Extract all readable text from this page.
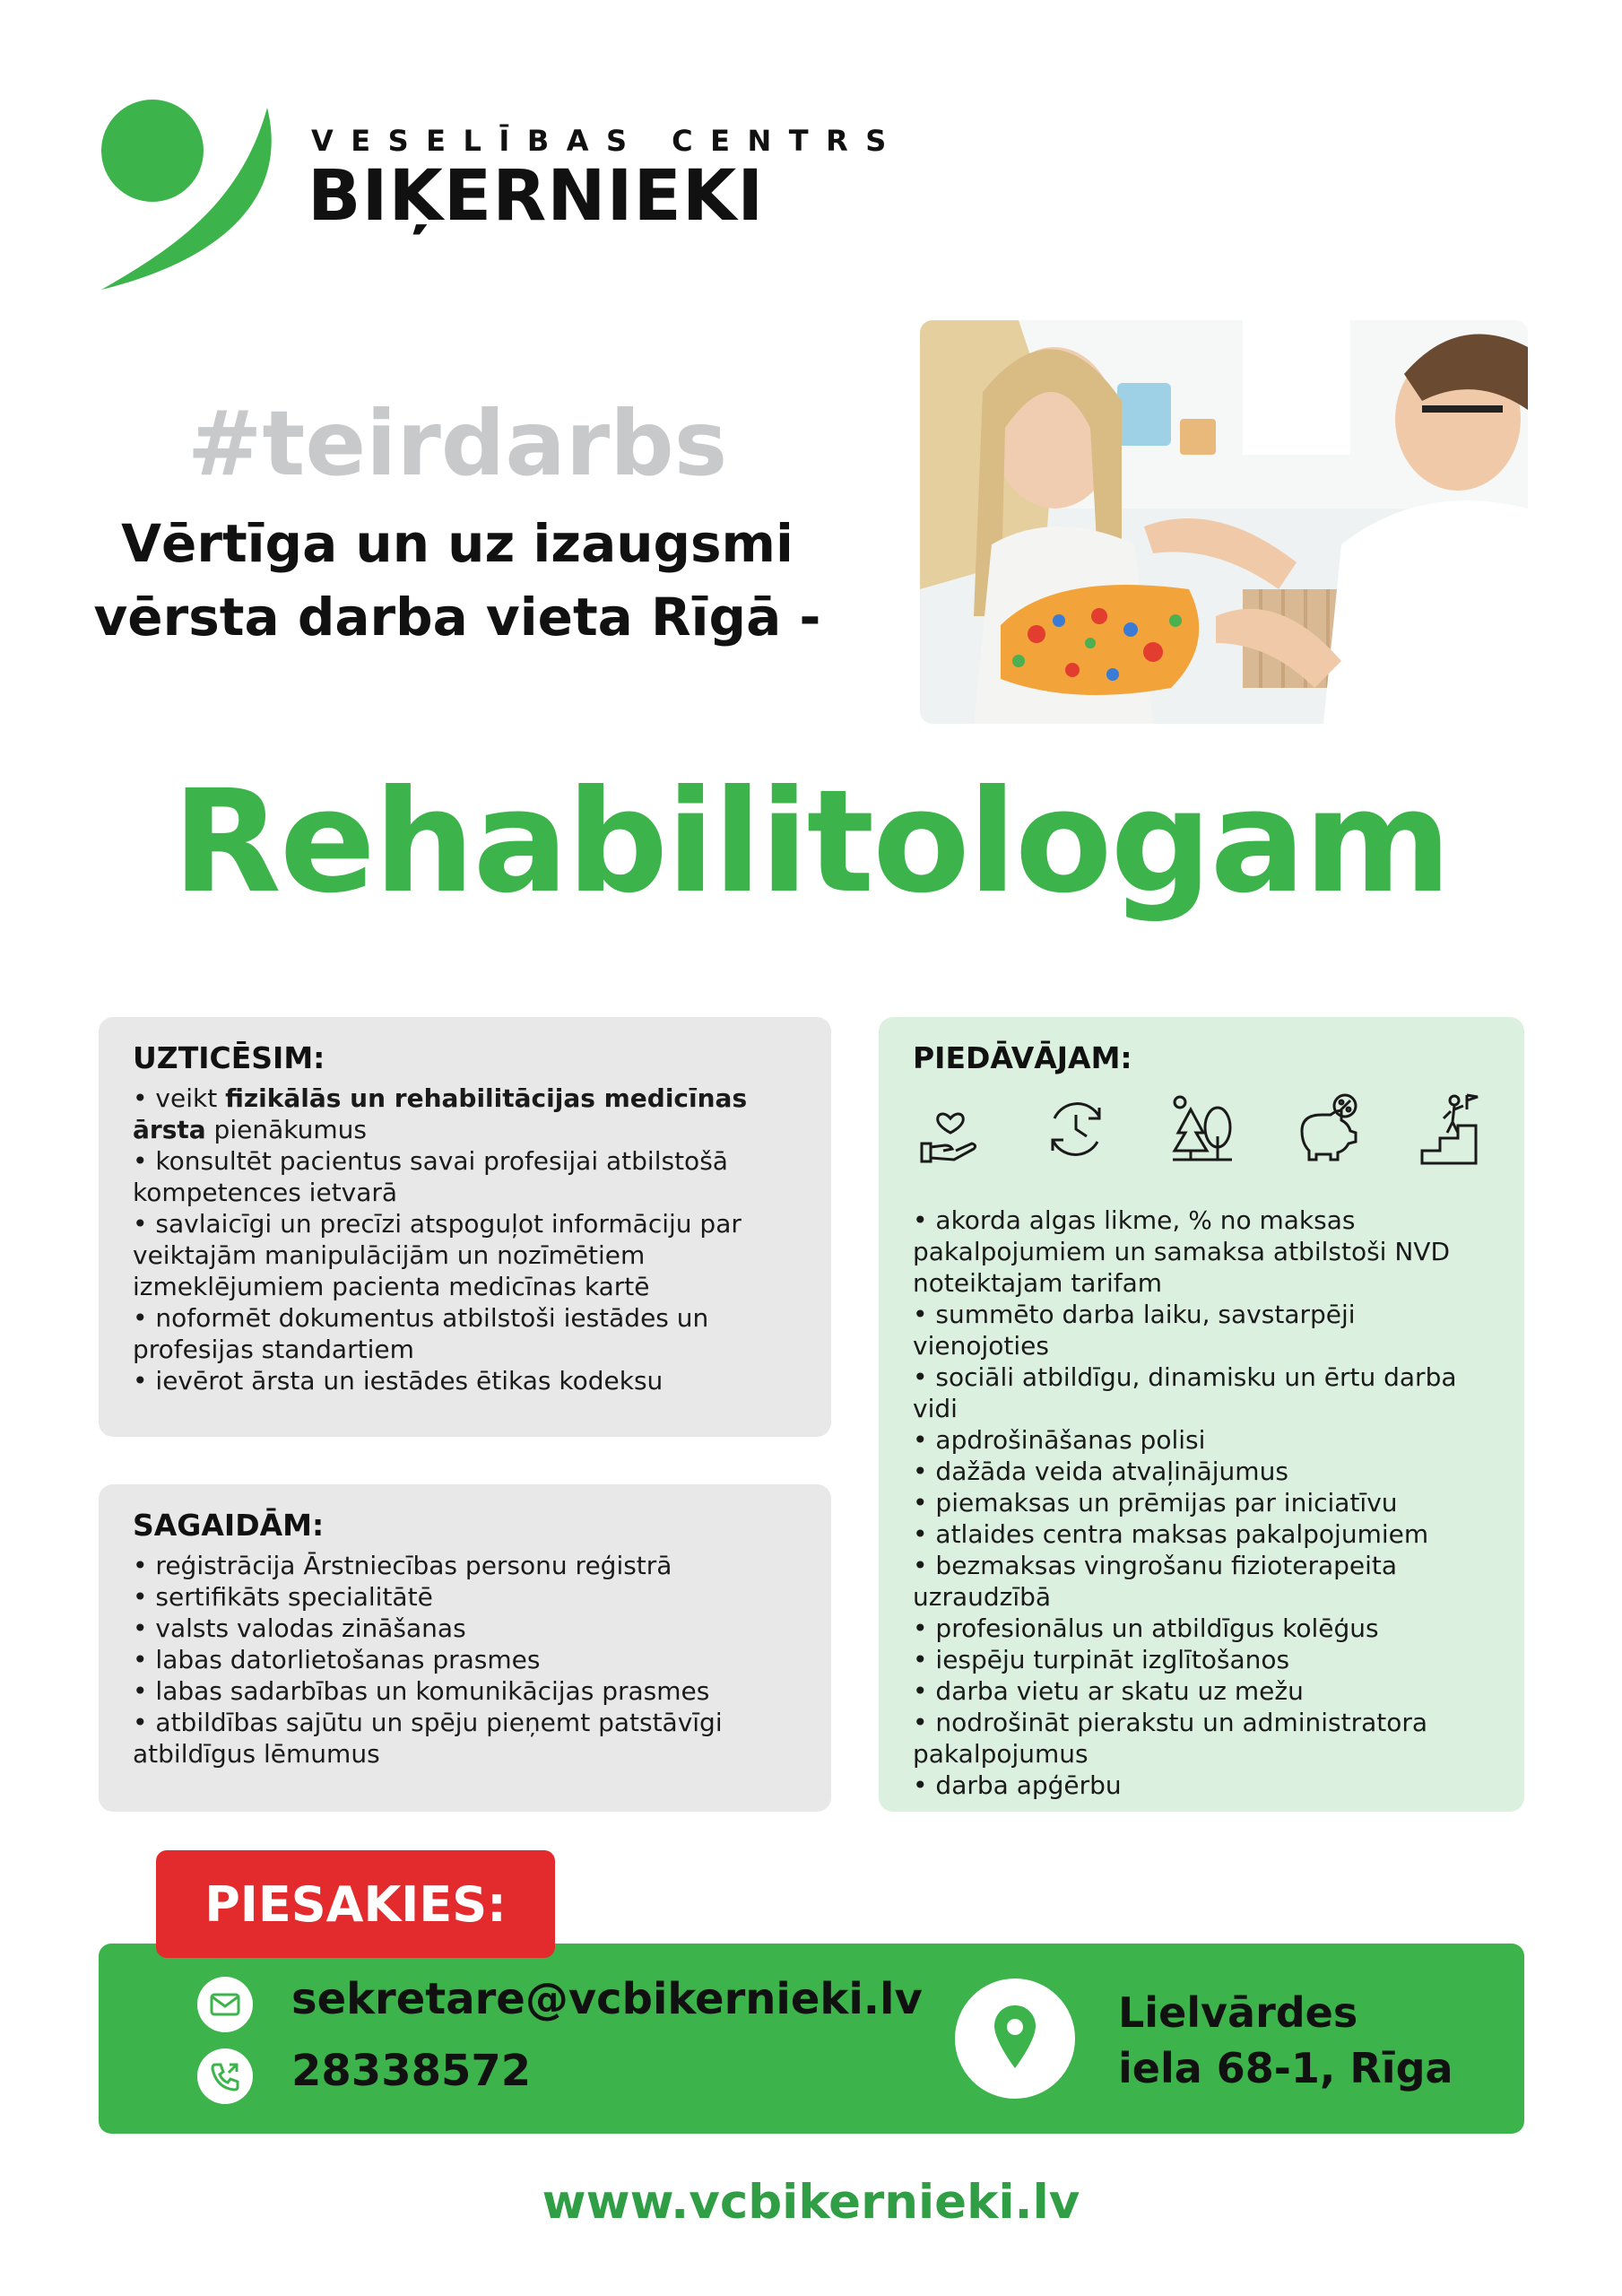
VESELĪBAS CENTRS
BIĶERNIEKI
#teirdarbs
Vērtīga un uz izaugsmi
vērsta darba vieta Rīgā -
Rehabilitologam
UZTICĒSIM:
• veikt fizikālās un rehabilitācijas medicīnas ārsta pienākumus
• konsultēt pacientus savai profesijai atbilstošā kompetences ietvarā
• savlaicīgi un precīzi atspoguļot informāciju par veiktajām manipulācijām un nozīmētiem izmeklējumiem pacienta medicīnas kartē
• noformēt dokumentus atbilstoši iestādes un profesijas standartiem
• ievērot ārsta un iestādes ētikas kodeksu
SAGAIDĀM:
• reģistrācija Ārstniecības personu reģistrā
• sertifikāts specialitātē
• valsts valodas zināšanas
• labas datorlietošanas prasmes
• labas sadarbības un komunikācijas prasmes
• atbildības sajūtu un spēju pieņemt patstāvīgi atbildīgus lēmumus
PIEDĀVĀJAM:
• akorda algas likme, % no maksas pakalpojumiem un samaksa atbilstoši NVD noteiktajam tarifam
• summēto darba laiku, savstarpēji vienojoties
• sociāli atbildīgu, dinamisku un ērtu darba vidi
• apdrošināšanas polisi
• dažāda veida atvaļinājumus
• piemaksas un prēmijas par iniciatīvu
• atlaides centra maksas pakalpojumiem
• bezmaksas vingrošanu fizioterapeita uzraudzībā
• profesionālus un atbildīgus kolēģus
• iespēju turpināt izglītošanos
• darba vietu ar skatu uz mežu
• nodrošināt pierakstu un administratora pakalpojumus
• darba apģērbu
PIESAKIES:
sekretare@vcbikernieki.lv
28338572
Lielvārdes
iela 68-1, Rīga
www.vcbikernieki.lv
